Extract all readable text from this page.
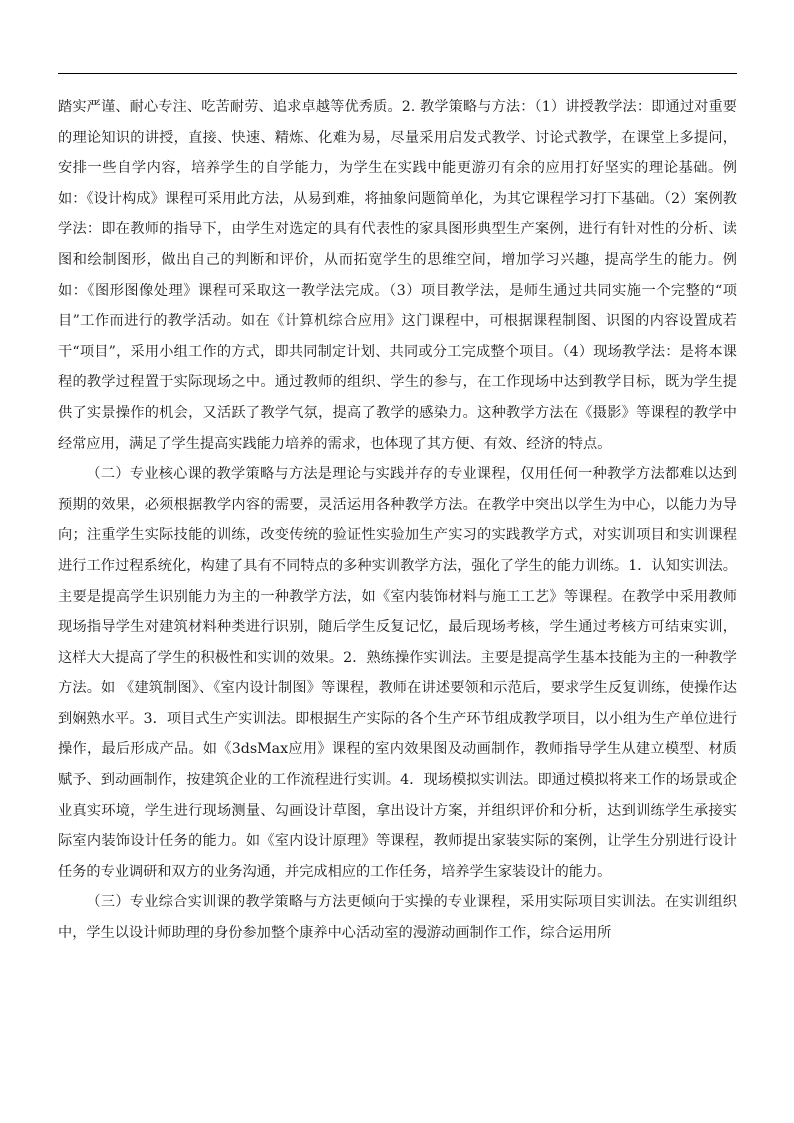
踏实严谨、耐心专注、吃苦耐劳、追求卓越等优秀质。2. 教学策略与方法：（1）讲授教学法：即通过对重要的理论知识的讲授，直接、快速、精炼、化难为易，尽量采用启发式教学、讨论式教学，在课堂上多提问，安排一些自学内容，培养学生的自学能力，为学生在实践中能更游刃有余的应用打好坚实的理论基础。例如：《设计构成》课程可采用此方法，从易到难，将抽象问题简单化，为其它课程学习打下基础。（2）案例教学法：即在教师的指导下，由学生对选定的具有代表性的家具图形典型生产案例，进行有针对性的分析、读图和绘制图形，做出自己的判断和评价，从而拓宽学生的思维空间，增加学习兴趣，提高学生的能力。例如：《图形图像处理》课程可采取这一教学法完成。（3）项目教学法，是师生通过共同实施一个完整的“项目”工作而进行的教学活动。如在《计算机综合应用》这门课程中，可根据课程制图、识图的内容设置成若干“项目”，采用小组工作的方式，即共同制定计划、共同或分工完成整个项目。（4）现场教学法：是将本课程的教学过程置于实际现场之中。通过教师的组织、学生的参与，在工作现场中达到教学目标，既为学生提供了实景操作的机会，又活跃了教学气氛，提高了教学的感染力。这种教学方法在《摄影》等课程的教学中经常应用，满足了学生提高实践能力培养的需求，也体现了其方便、有效、经济的特点。

（二）专业核心课的教学策略与方法是理论与实践并存的专业课程，仅用任何一种教学方法都难以达到预期的效果，必须根据教学内容的需要，灵活运用各种教学方法。在教学中突出以学生为中心，以能力为导向；注重学生实际技能的训练，改变传统的验证性实验加生产实习的实践教学方式，对实训项目和实训课程进行工作过程系统化，构建了具有不同特点的多种实训教学方法，强化了学生的能力训练。1．认知实训法。主要是提高学生识别能力为主的一种教学方法，如《室内装饰材料与施工工艺》等课程。在教学中采用教师现场指导学生对建筑材料种类进行识别，随后学生反复记忆，最后现场考核，学生通过考核方可结束实训，这样大大提高了学生的积极性和实训的效果。2．熟练操作实训法。主要是提高学生基本技能为主的一种教学方法。如 《建筑制图》、《室内设计制图》等课程，教师在讲述要领和示范后，要求学生反复训练，使操作达到娴熟水平。3．项目式生产实训法。即根据生产实际的各个生产环节组成教学项目，以小组为生产单位进行操作，最后形成产品。如《3dsMax应用》课程的室内效果图及动画制作，教师指导学生从建立模型、材质赋予、到动画制作，按建筑企业的工作流程进行实训。4．现场模拟实训法。即通过模拟将来工作的场景或企业真实环境，学生进行现场测量、勾画设计草图，拿出设计方案，并组织评价和分析，达到训练学生承接实际室内装饰设计任务的能力。如《室内设计原理》等课程，教师提出家装实际的案例，让学生分别进行设计任务的专业调研和双方的业务沟通，并完成相应的工作任务，培养学生家装设计的能力。

（三）专业综合实训课的教学策略与方法更倾向于实操的专业课程，采用实际项目实训法。在实训组织中，学生以设计师助理的身份参加整个康养中心活动室的漫游动画制作工作，综合运用所
